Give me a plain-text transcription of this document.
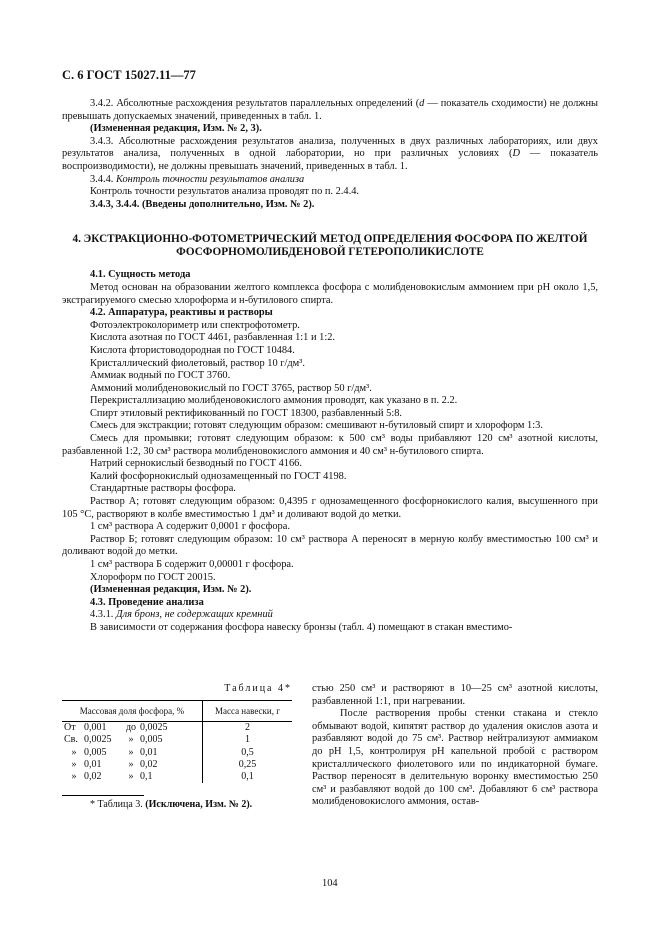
С. 6 ГОСТ 15027.11—77

3.4.2. Абсолютные расхождения результатов параллельных определений (d — показатель сходимости) не должны превышать допускаемых значений, приведенных в табл. 1.

(Измененная редакция, Изм. № 2, 3).

3.4.3. Абсолютные расхождения результатов анализа, полученных в двух различных лабораториях, или двух результатов анализа, полученных в одной лаборатории, но при различных условиях (D — показатель воспроизводимости), не должны превышать значений, приведенных в табл. 1.

3.4.4. Контроль точности результатов анализа

Контроль точности результатов анализа проводят по п. 2.4.4.

3.4.3, 3.4.4. (Введены дополнительно, Изм. № 2).

4. ЭКСТРАКЦИОННО-ФОТОМЕТРИЧЕСКИЙ МЕТОД ОПРЕДЕЛЕНИЯ ФОСФОРА ПО ЖЕЛТОЙ ФОСФОРНОМОЛИБДЕНОВОЙ ГЕТЕРОПОЛИКИСЛОТЕ

4.1. Сущность метода

Метод основан на образовании желтого комплекса фосфора с молибденовокислым аммонием при рН около 1,5, экстрагируемого смесью хлороформа и н-бутилового спирта.

4.2. Аппаратура, реактивы и растворы

Фотоэлектроколориметр или спектрофотометр.

Кислота азотная по ГОСТ 4461, разбавленная 1:1 и 1:2.

Кислота фтористоводородная по ГОСТ 10484.

Кристаллический фиолетовый, раствор 10 г/дм³.

Аммиак водный по ГОСТ 3760.

Аммоний молибденовокислый по ГОСТ 3765, раствор 50 г/дм³.

Перекристаллизацию молибденовокислого аммония проводят, как указано в п. 2.2.

Спирт этиловый ректификованный по ГОСТ 18300, разбавленный 5:8.

Смесь для экстракции; готовят следующим образом: смешивают н-бутиловый спирт и хлороформ 1:3.

Смесь для промывки; готовят следующим образом: к 500 см³ воды прибавляют 120 см³ азотной кислоты, разбавленной 1:2, 30 см³ раствора молибденовокислого аммония и 40 см³ н-бутилового спирта.

Натрий сернокислый безводный по ГОСТ 4166.

Калий фосфорнокислый однозамещенный по ГОСТ 4198.

Стандартные растворы фосфора.

Раствор А; готовят следующим образом: 0,4395 г однозамещенного фосфорнокислого калия, высушенного при 105 °С, растворяют в колбе вместимостью 1 дм³ и доливают водой до метки.

1 см³ раствора А содержит 0,0001 г фосфора.

Раствор Б; готовят следующим образом: 10 см³ раствора А переносят в мерную колбу вместимостью 100 см³ и доливают водой до метки.

1 см³ раствора Б содержит 0,00001 г фосфора.

Хлороформ по ГОСТ 20015.

(Измененная редакция, Изм. № 2).

4.3. Проведение анализа

4.3.1. Для бронз, не содержащих кремний

В зависимости от содержания фосфора навеску бронзы (табл. 4) помещают в стакан вместимо-

Таблица 4*

Массовая доля фосфора, %	Масса навески, г
От 0,001 до 0,0025	2
Св. 0,0025 » 0,005	1
» 0,005 » 0,01	0,5
» 0,01 » 0,02	0,25
» 0,02 » 0,1	0,1

* Таблица 3. (Исключена, Изм. № 2).

стью 250 см³ и растворяют в 10—25 см³ азотной кислоты, разбавленной 1:1, при нагревании.

После растворения пробы стенки стакана и стекло обмывают водой, кипятят раствор до удаления окислов азота и разбавляют водой до 75 см³. Раствор нейтрализуют аммиаком до рН 1,5, контролируя рН капельной пробой с раствором кристаллического фиолетового или по индикаторной бумаге. Раствор переносят в делительную воронку вместимостью 250 см³ и разбавляют водой до 100 см³. Добавляют 6 см³ раствора молибденовокислого аммония, остав-

104
